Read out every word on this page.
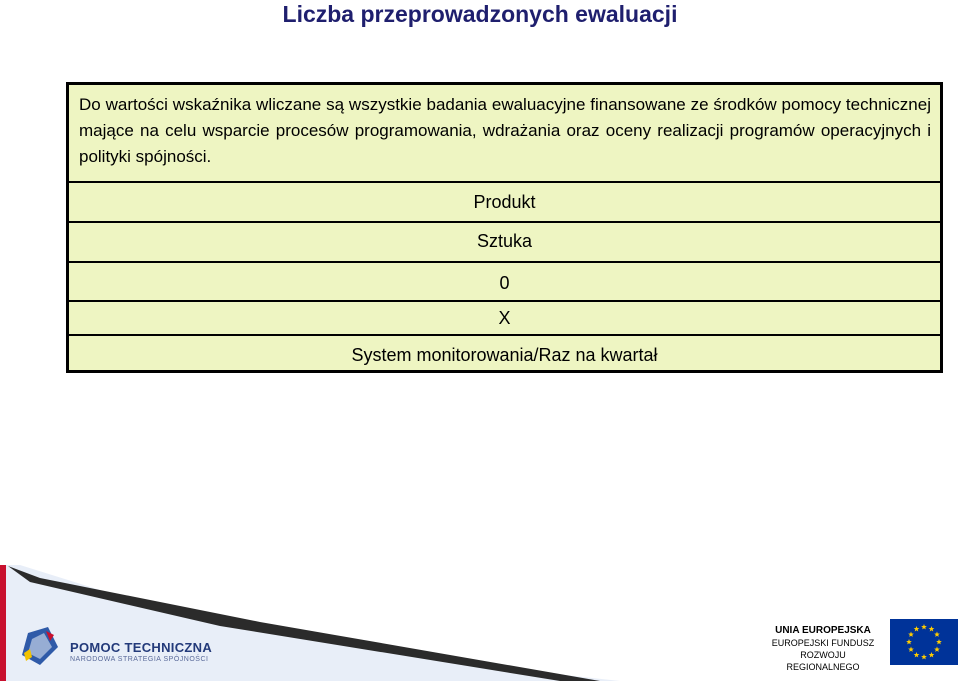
Liczba przeprowadzonych ewaluacji
Do wartości wskaźnika wliczane są wszystkie badania ewaluacyjne finansowane ze środków pomocy technicznej mające na celu wsparcie procesów programowania, wdrażania oraz oceny realizacji programów operacyjnych i polityki spójności.
Produkt
Sztuka
0
X
System monitorowania/Raz na kwartał
POMOC TECHNICZNA
NARODOWA STRATEGIA SPÓJNOŚCI
UNIA EUROPEJSKA
EUROPEJSKI FUNDUSZ
ROZWOJU REGIONALNEGO
